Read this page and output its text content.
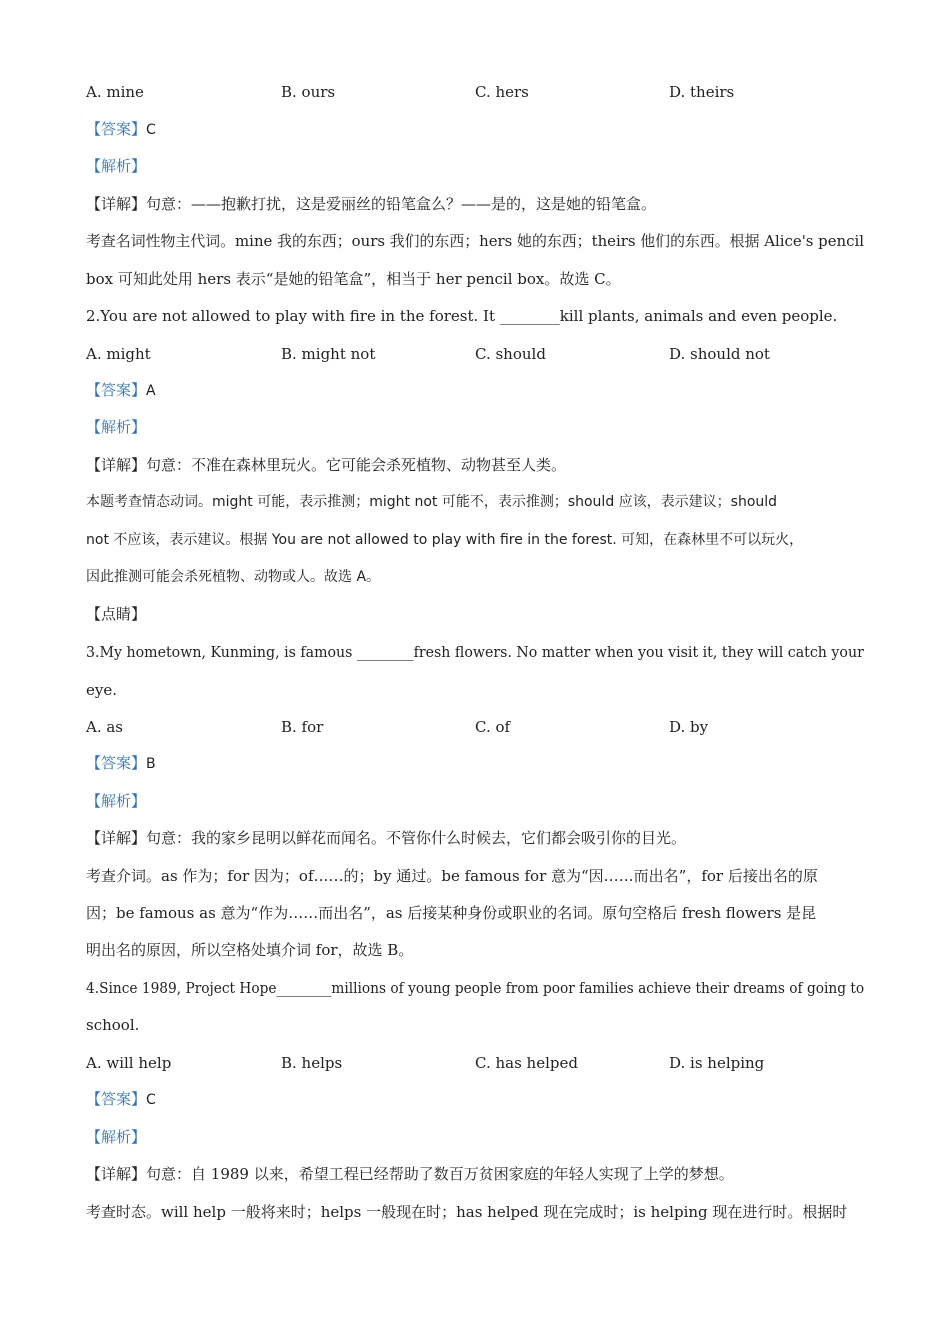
A. mine	B. ours	C. hers	D. theirs
【答案】C
【解析】
【详解】句意：——抱歉打扰，这是爱丽丝的铅笔盒么？——是的，这是她的铅笔盒。
考查名词性物主代词。mine 我的东西；ours 我们的东西；hers 她的东西；theirs 他们的东西。根据 Alice's pencil
box 可知此处用 hers 表示“是她的铅笔盒”，相当于 her pencil box。故选 C。
2.You are not allowed to play with fire in the forest. It ________kill plants, animals and even people.
A. might	B. might not	C. should	D. should not
【答案】A
【解析】
【详解】句意：不准在森林里玩火。它可能会杀死植物、动物甚至人类。
本题考查情态动词。might 可能，表示推测；might not 可能不，表示推测；should 应该，表示建议；should
not 不应该，表示建议。根据 You are not allowed to play with fire in the forest. 可知，在森林里不可以玩火，
因此推测可能会杀死植物、动物或人。故选 A。
【点睛】
3.My hometown, Kunming, is famous ________fresh flowers. No matter when you visit it, they will catch your
eye.
A. as	B. for	C. of	D. by
【答案】B
【解析】
【详解】句意：我的家乡昆明以鲜花而闻名。不管你什么时候去，它们都会吸引你的目光。
考查介词。as 作为；for 因为；of……的；by 通过。be famous for 意为“因……而出名”，for 后接出名的原
因；be famous as 意为“作为……而出名”，as 后接某种身份或职业的名词。原句空格后 fresh flowers 是昆
明出名的原因，所以空格处填介词 for，故选 B。
4.Since 1989, Project Hope________millions of young people from poor families achieve their dreams of going to
school.
A. will help	B. helps	C. has helped	D. is helping
【答案】C
【解析】
【详解】句意：自 1989 以来，希望工程已经帮助了数百万贫困家庭的年轻人实现了上学的梦想。
考查时态。will help 一般将来时；helps 一般现在时；has helped 现在完成时；is helping 现在进行时。根据时
